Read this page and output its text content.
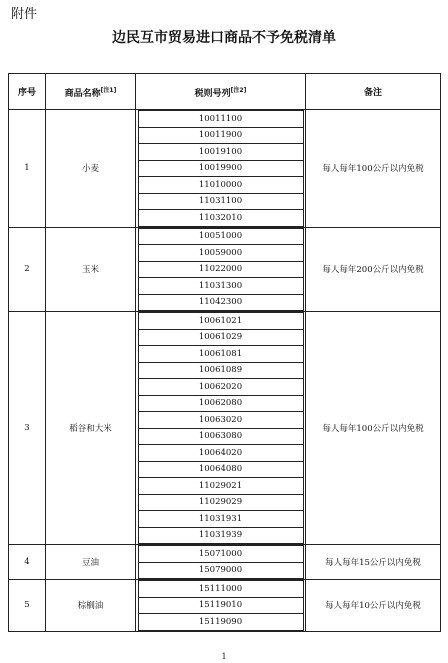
附件
边民互市贸易进口商品不予免税清单
序号	商品名称[注1]	税则号列[注2]	备注
1	小麦	
10011100
10011900
10019100
10019900
11010000
11031100
11032010
	每人每年100公斤以内免税
2	玉米	
10051000
10059000
11022000
11031300
11042300
	每人每年200公斤以内免税
3	稻谷和大米	
10061021
10061029
10061081
10061089
10062020
10062080
10063020
10063080
10064020
10064080
11029021
11029029
11031931
11031939
	每人每年100公斤以内免税
4	豆油	
15071000
15079000
	每人每年15公斤以内免税
5	棕榈油	
15111000
15119010
15119090
	每人每年10公斤以内免税
1
